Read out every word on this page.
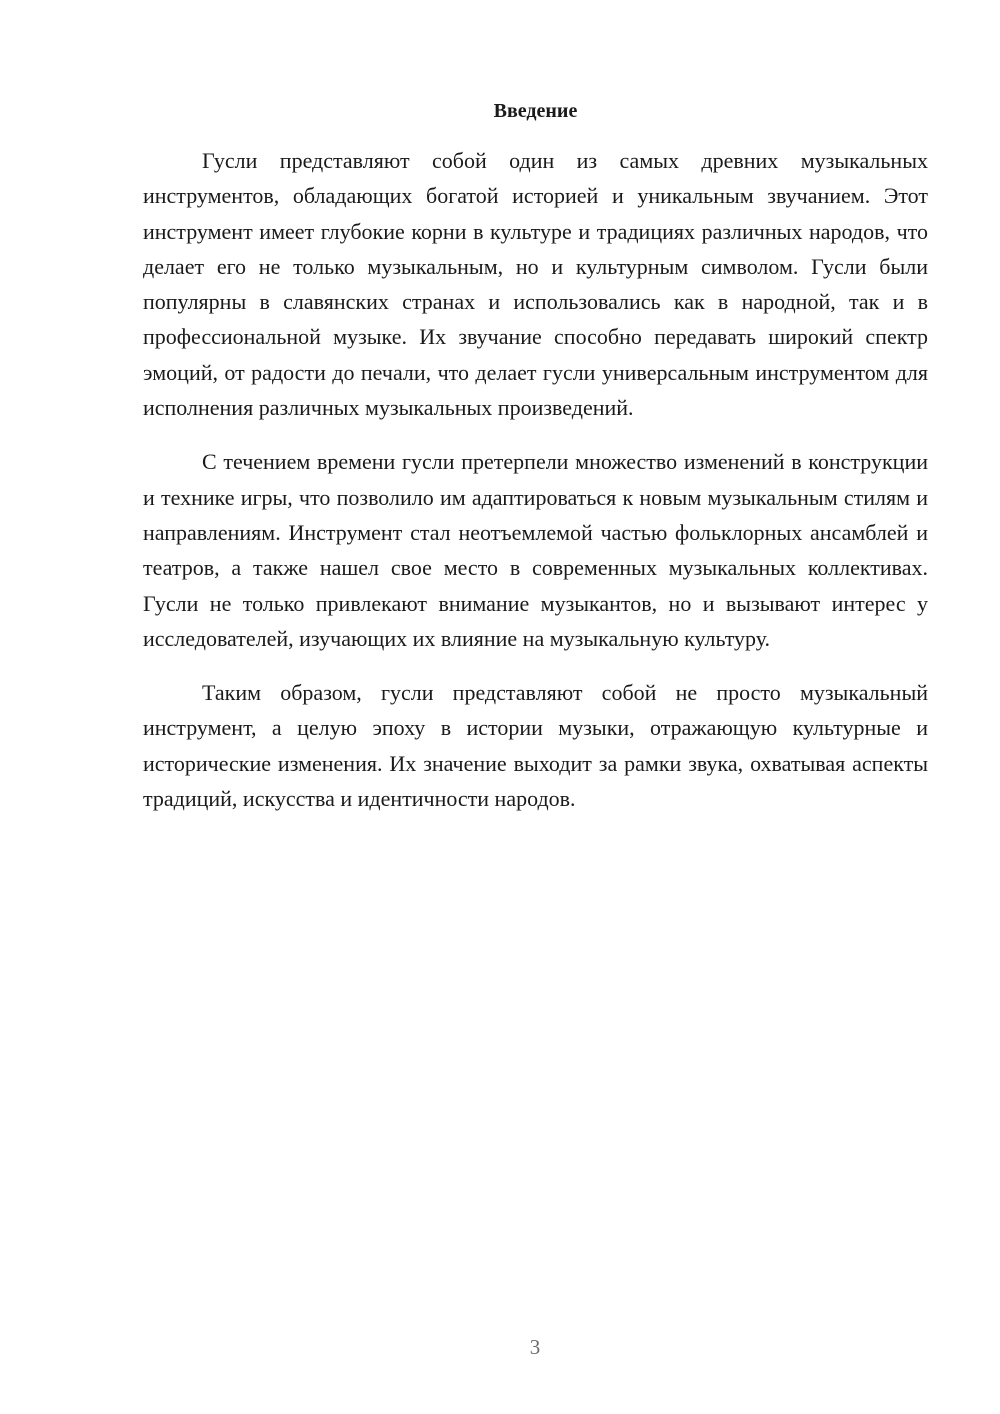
Введение

Гусли представляют собой один из самых древних музыкальных инструментов, обладающих богатой историей и уникальным звучанием. Этот инструмент имеет глубокие корни в культуре и традициях различных народов, что делает его не только музыкальным, но и культурным символом. Гусли были популярны в славянских странах и использовались как в народной, так и в профессиональной музыке. Их звучание способно передавать широкий спектр эмоций, от радости до печали, что делает гусли универсальным инструментом для исполнения различных музыкальных произведений.

С течением времени гусли претерпели множество изменений в конструкции и технике игры, что позволило им адаптироваться к новым музыкальным стилям и направлениям. Инструмент стал неотъемлемой частью фольклорных ансамблей и театров, а также нашел свое место в современных музыкальных коллективах. Гусли не только привлекают внимание музыкантов, но и вызывают интерес у исследователей, изучающих их влияние на музыкальную культуру.

Таким образом, гусли представляют собой не просто музыкальный инструмент, а целую эпоху в истории музыки, отражающую культурные и исторические изменения. Их значение выходит за рамки звука, охватывая аспекты традиций, искусства и идентичности народов.

3
